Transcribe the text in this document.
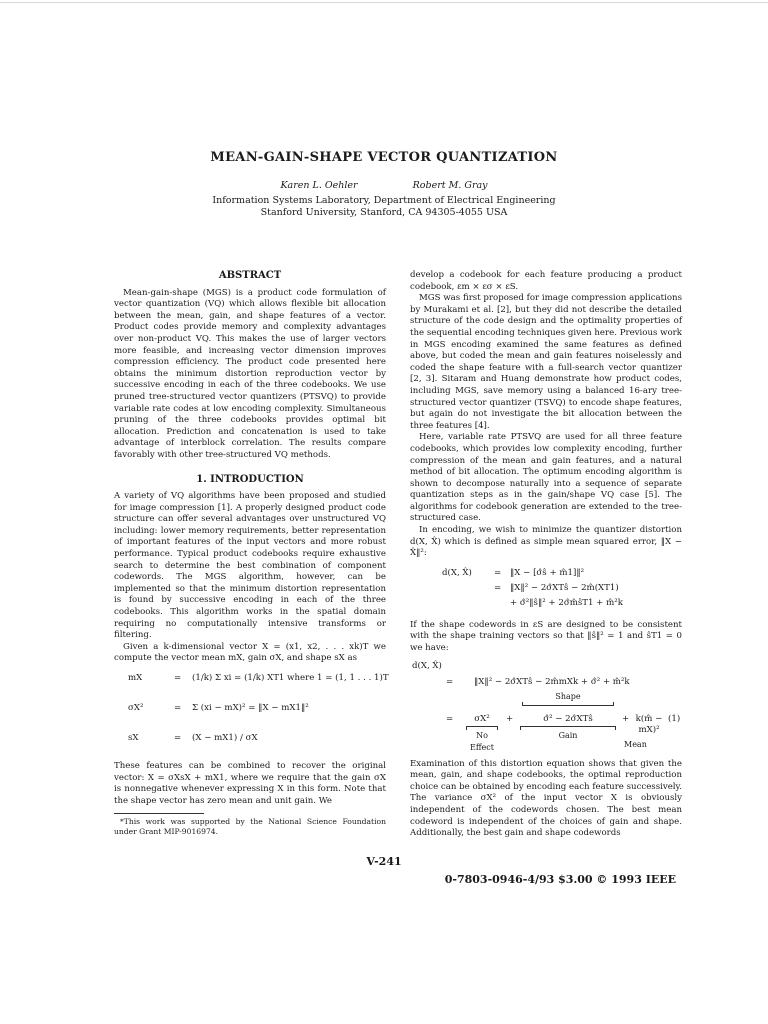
MEAN-GAIN-SHAPE VECTOR QUANTIZATION
Karen L. Oehler	Robert M. Gray
Information Systems Laboratory, Department of Electrical Engineering
Stanford University, Stanford, CA 94305-4055 USA
ABSTRACT

Mean-gain-shape (MGS) is a product code formulation of vector quantization (VQ) which allows flexible bit allocation between the mean, gain, and shape features of a vector. Product codes provide memory and complexity advantages over non-product VQ. This makes the use of larger vectors more feasible, and increasing vector dimension improves compression efficiency. The product code presented here obtains the minimum distortion reproduction vector by successive encoding in each of the three codebooks. We use pruned tree-structured vector quantizers (PTSVQ) to provide variable rate codes at low encoding complexity. Simultaneous pruning of the three codebooks provides optimal bit allocation. Prediction and concatenation is used to take advantage of interblock correlation. The results compare favorably with other tree-structured VQ methods.

1. INTRODUCTION

A variety of VQ algorithms have been proposed and studied for image compression [1]. A properly designed product code structure can offer several advantages over unstructured VQ including: lower memory requirements, better representation of important features of the input vectors and more robust performance. Typical product codebooks require exhaustive search to determine the best combination of component codewords. The MGS algorithm, however, can be implemented so that the minimum distortion representation is found by successive encoding in each of the three codebooks. This algorithm works in the spatial domain requiring no computationally intensive transforms or filtering.

Given a k-dimensional vector X = (x1, x2, . . . xk)T we compute the vector mean mX, gain σX, and shape sX as

mX	= (1/k) Σ xi = (1/k) XT1 where 1 = (1, 1 . . . 1)T
σX²	= Σ (xi − mX)² = ‖X − mX1‖²
sX	= (X − mX1) / σX

These features can be combined to recover the original vector: X = σXsX + mX1, where we require that the gain σX is nonnegative whenever expressing X in this form. Note that the shape vector has zero mean and unit gain. We

*This work was supported by the National Science Foundation under Grant MIP-9016974.

develop a codebook for each feature producing a product codebook, εm × εσ × εS.

MGS was first proposed for image compression applications by Murakami et al. [2], but they did not describe the detailed structure of the code design and the optimality properties of the sequential encoding techniques given here. Previous work in MGS encoding examined the same features as defined above, but coded the mean and gain features noiselessly and coded the shape feature with a full-search vector quantizer [2, 3]. Sitaram and Huang demonstrate how product codes, including MGS, save memory using a balanced 16-ary tree-structured vector quantizer (TSVQ) to encode shape features, but again do not investigate the bit allocation between the three features [4].

Here, variable rate PTSVQ are used for all three feature codebooks, which provides low complexity encoding, further compression of the mean and gain features, and a natural method of bit allocation. The optimum encoding algorithm is shown to decompose naturally into a sequence of separate quantization steps as in the gain/shape VQ case [5]. The algorithms for codebook generation are extended to the tree-structured case.

In encoding, we wish to minimize the quantizer distortion d(X, X̂) which is defined as simple mean squared error, ‖X − X̂‖²:

d(X, X̂)	= ‖X − [σ̂ŝ + m̂1]‖²
= ‖X‖² − 2σ̂XTŝ − 2m̂(XT1)
+ σ̂²‖ŝ‖² + 2σ̂m̂ŝT1 + m̂²k

If the shape codewords in εS are designed to be consistent with the shape training vectors so that ‖ŝ‖² = 1 and ŝT1 = 0 we have:

d(X, X̂)
= ‖X‖² − 2σ̂XTŝ − 2m̂mXk + σ̂² + m̂²k
Shape
=	σX²
No Effect
+	σ̂² − 2σ̂XTŝ
Gain
+ k(m̂ − mX)²
(1)
Mean

Examination of this distortion equation shows that given the mean, gain, and shape codebooks, the optimal reproduction choice can be obtained by encoding each feature successively. The variance σX² of the input vector X is obviously independent of the codewords chosen. The best mean codeword is independent of the choices of gain and shape. Additionally, the best gain and shape codewords

V-241
0-7803-0946-4/93 $3.00 © 1993 IEEE
